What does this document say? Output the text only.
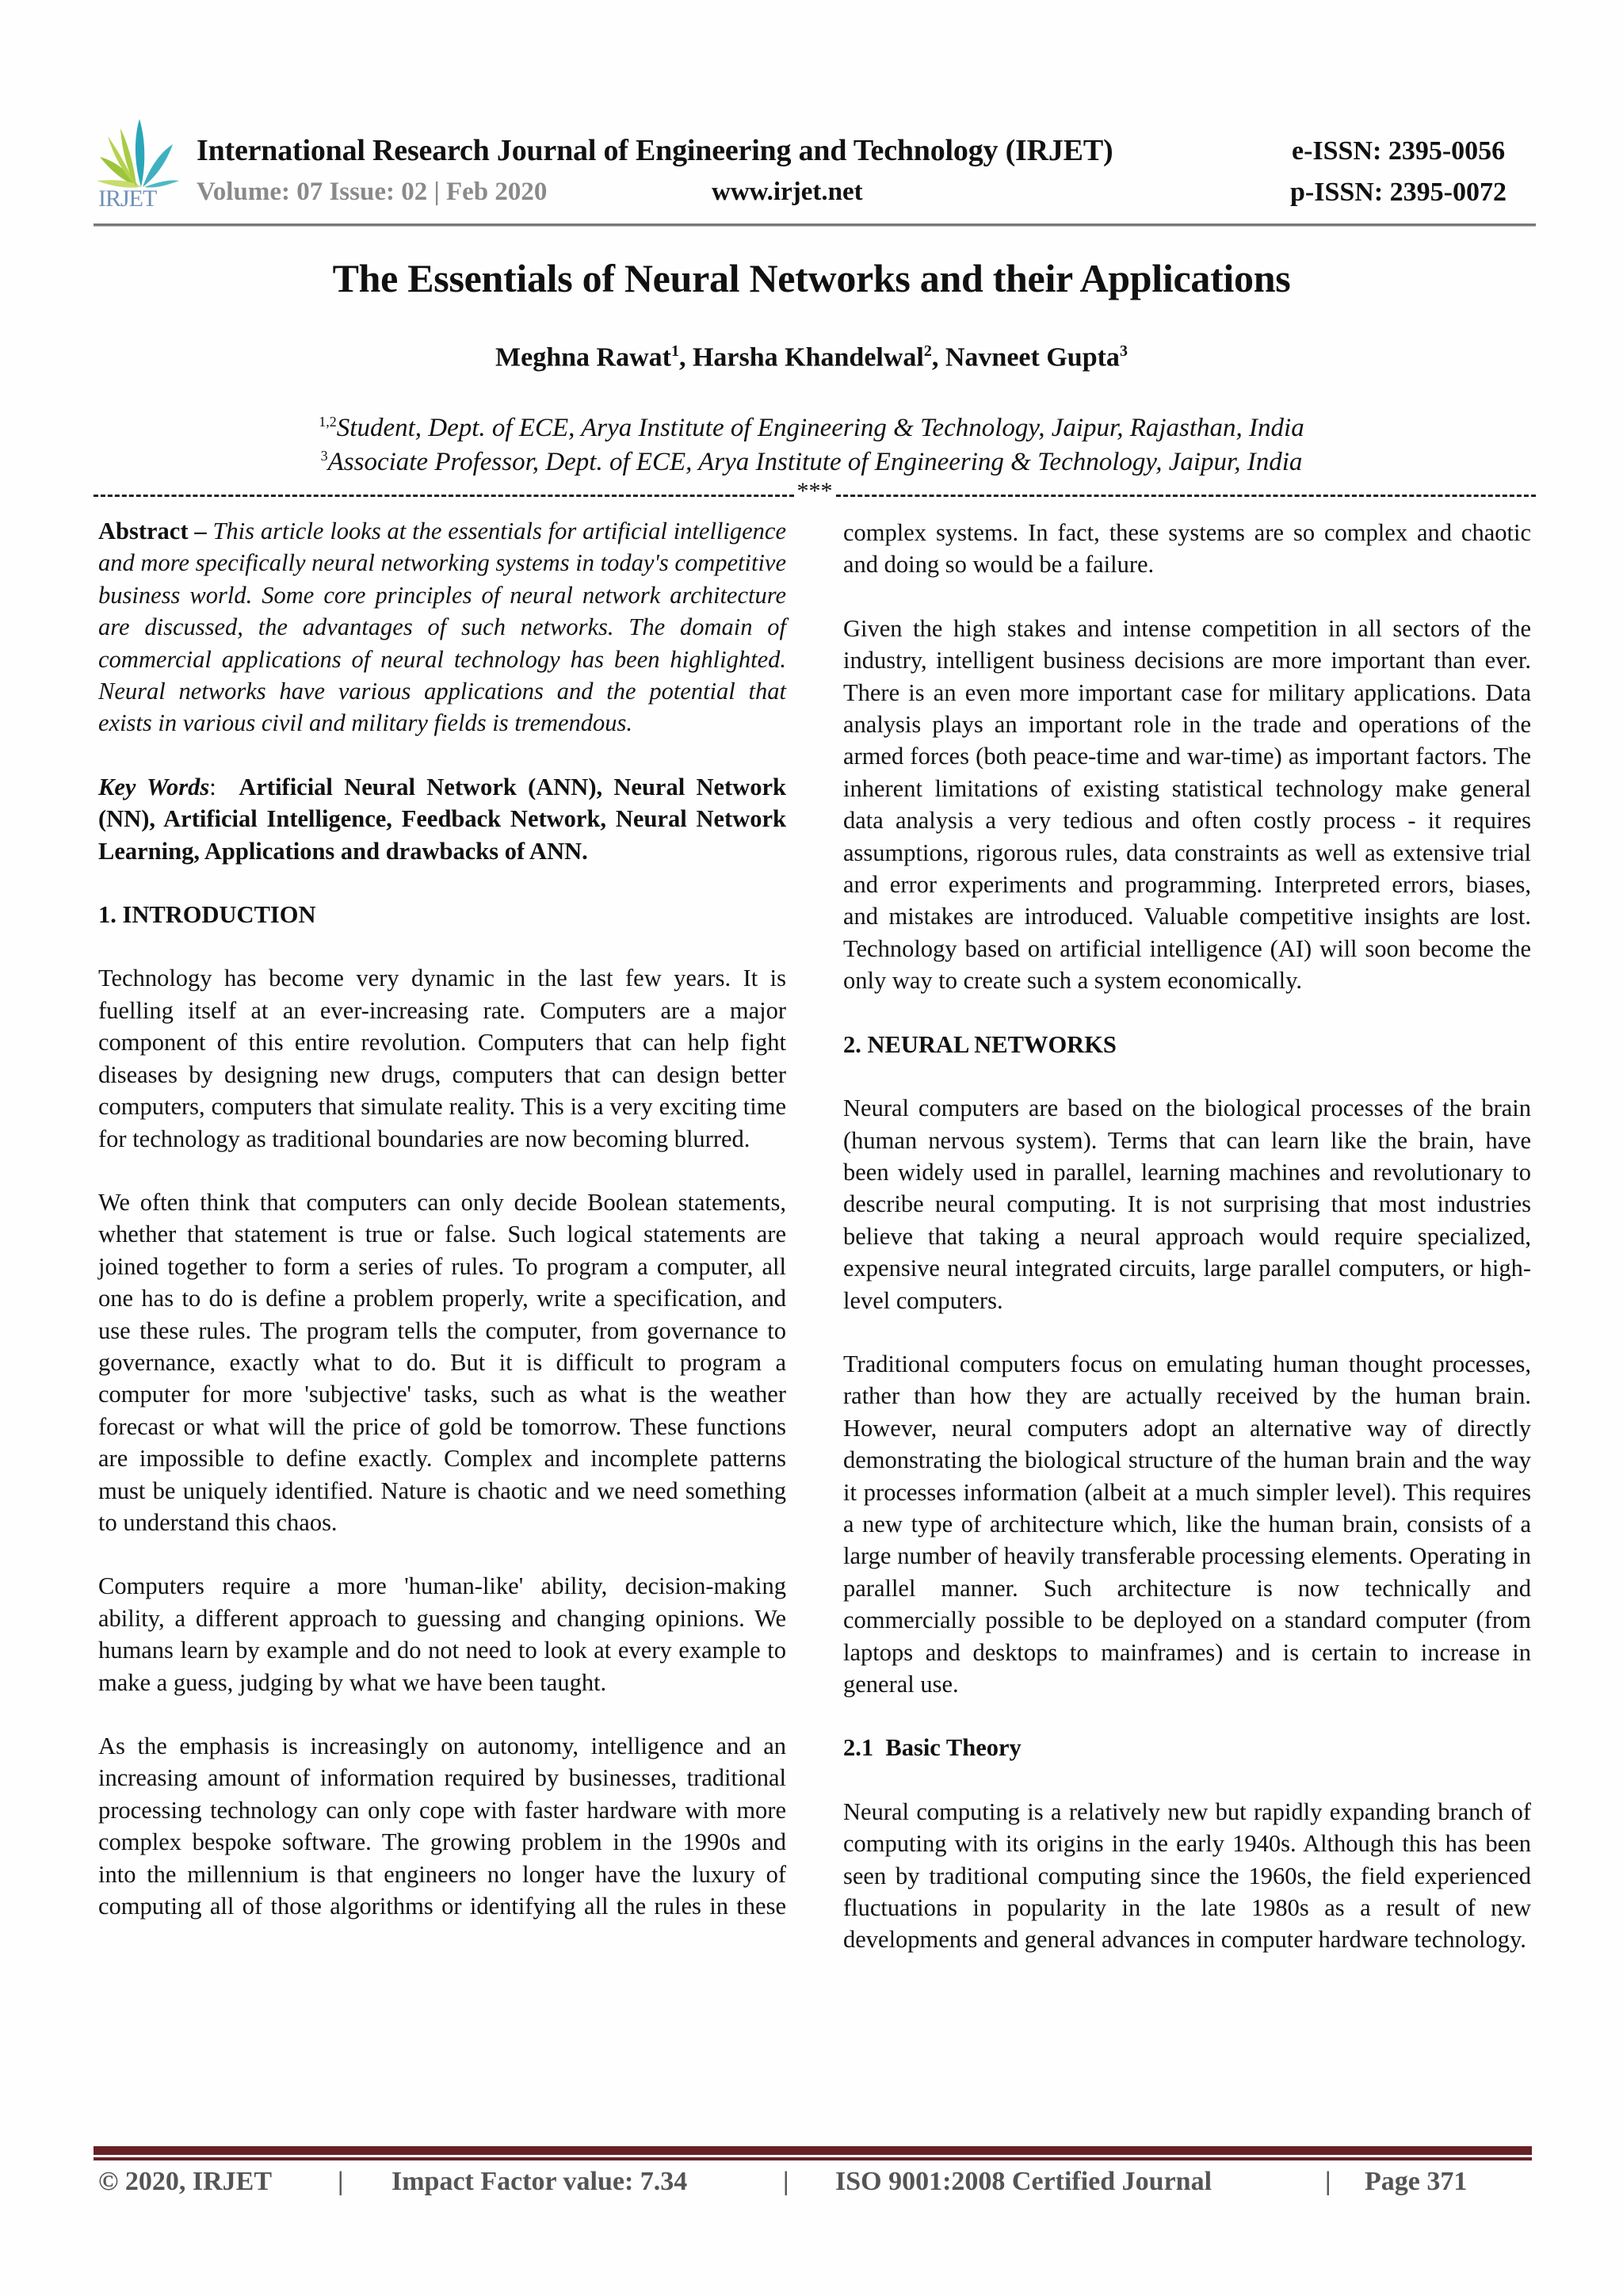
IRJET
International Research Journal of Engineering and Technology (IRJET)	e-ISSN: 2395-0056
Volume: 07 Issue: 02 | Feb 2020	www.irjet.net	p-ISSN: 2395-0072
The Essentials of Neural Networks and their Applications
Meghna Rawat$^1$, Harsha Khandelwal$^2$, Navneet Gupta$^3$
$^{1,2}$Student, Dept. of ECE, Arya Institute of Engineering & Technology, Jaipur, Rajasthan, India
$^3$Associate Professor, Dept. of ECE, Arya Institute of Engineering & Technology, Jaipur, India
***

Abstract – This article looks at the essentials for artificial intelligence and more specifically neural networking systems in today's competitive business world. Some core principles of neural network architecture are discussed, the advantages of such networks. The domain of commercial applications of neural technology has been highlighted. Neural networks have various applications and the potential that exists in various civil and military fields is tremendous.

Key Words:  Artificial Neural Network (ANN), Neural Network (NN), Artificial Intelligence, Feedback Network, Neural Network Learning, Applications and drawbacks of ANN.

1. INTRODUCTION

Technology has become very dynamic in the last few years. It is fuelling itself at an ever-increasing rate. Computers are a major component of this entire revolution. Computers that can help fight diseases by designing new drugs, computers that can design better computers, computers that simulate reality. This is a very exciting time for technology as traditional boundaries are now becoming blurred.

We often think that computers can only decide Boolean statements, whether that statement is true or false. Such logical statements are joined together to form a series of rules. To program a computer, all one has to do is define a problem properly, write a specification, and use these rules. The program tells the computer, from governance to governance, exactly what to do. But it is difficult to program a computer for more 'subjective' tasks, such as what is the weather forecast or what will the price of gold be tomorrow. These functions are impossible to define exactly. Complex and incomplete patterns must be uniquely identified. Nature is chaotic and we need something to understand this chaos.

Computers require a more 'human-like' ability, decision-making ability, a different approach to guessing and changing opinions. We humans learn by example and do not need to look at every example to make a guess, judging by what we have been taught.

As the emphasis is increasingly on autonomy, intelligence and an increasing amount of information required by businesses, traditional processing technology can only cope with faster hardware with more complex bespoke software. The growing problem in the 1990s and into the millennium is that engineers no longer have the luxury of computing all of those algorithms or identifying all the rules in these

complex systems. In fact, these systems are so complex and chaotic and doing so would be a failure.

Given the high stakes and intense competition in all sectors of the industry, intelligent business decisions are more important than ever. There is an even more important case for military applications. Data analysis plays an important role in the trade and operations of the armed forces (both peace-time and war-time) as important factors. The inherent limitations of existing statistical technology make general data analysis a very tedious and often costly process - it requires assumptions, rigorous rules, data constraints as well as extensive trial and error experiments and programming. Interpreted errors, biases, and mistakes are introduced. Valuable competitive insights are lost. Technology based on artificial intelligence (AI) will soon become the only way to create such a system economically.

2. NEURAL NETWORKS

Neural computers are based on the biological processes of the brain (human nervous system). Terms that can learn like the brain, have been widely used in parallel, learning machines and revolutionary to describe neural computing. It is not surprising that most industries believe that taking a neural approach would require specialized, expensive neural integrated circuits, large parallel computers, or high-level computers.

Traditional computers focus on emulating human thought processes, rather than how they are actually received by the human brain. However, neural computers adopt an alternative way of directly demonstrating the biological structure of the human brain and the way it processes information (albeit at a much simpler level). This requires a new type of architecture which, like the human brain, consists of a large number of heavily transferable processing elements. Operating in parallel manner. Such architecture is now technically and commercially possible to be deployed on a standard computer (from laptops and desktops to mainframes) and is certain to increase in general use.

2.1  Basic Theory

Neural computing is a relatively new but rapidly expanding branch of computing with its origins in the early 1940s. Although this has been seen by traditional computing since the 1960s, the field experienced fluctuations in popularity in the late 1980s as a result of new developments and general advances in computer hardware technology.

© 2020, IRJET | Impact Factor value: 7.34	| ISO 9001:2008 Certified Journal	| Page 371
